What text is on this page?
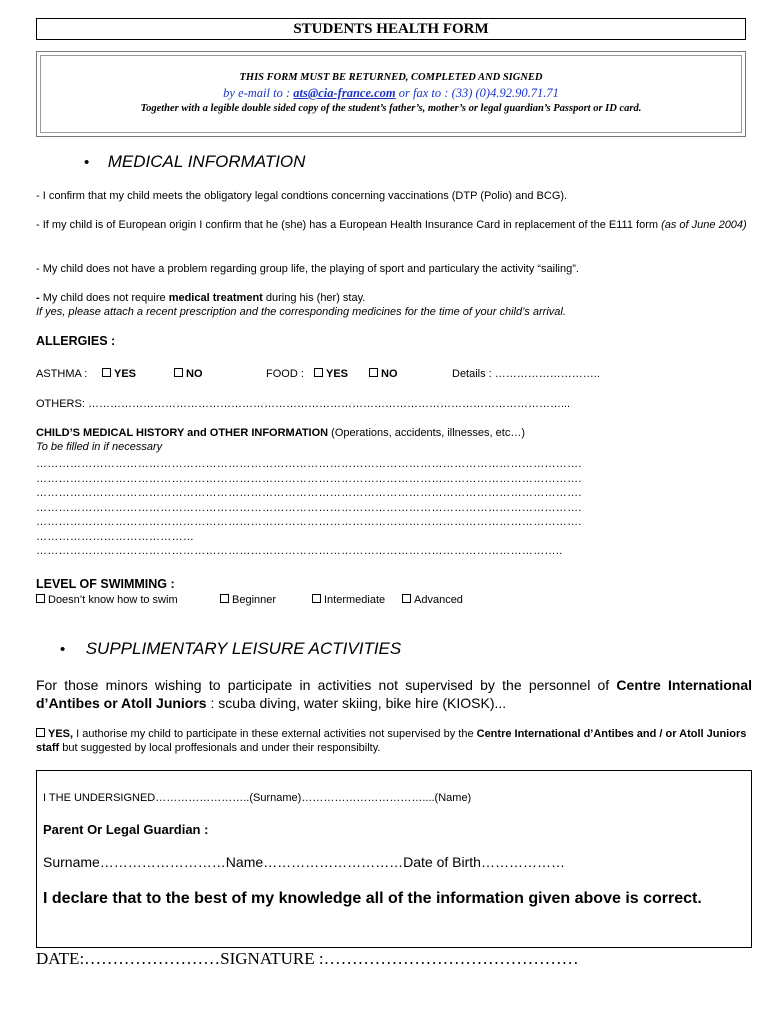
STUDENTS HEALTH FORM
THIS FORM MUST BE RETURNED, COMPLETED AND SIGNED
by e-mail to : ats@cia-france.com or fax to : (33) (0)4.92.90.71.71
Together with a legible double sided copy of the student’s father’s, mother’s or legal guardian’s Passport or ID card.
• MEDICAL INFORMATION
- I confirm that my child meets the obligatory legal condtions concerning vaccinations (DTP (Polio) and BCG).
- If my child is of European origin I confirm that he (she) has a European Health Insurance Card in replacement of the E111 form (as of June 2004)
- My child does not have a problem regarding group life, the playing of sport and particulary the activity “sailing”.
- My child does not require medical treatment during his (her) stay.
If yes, please attach a recent prescription and the corresponding medicines for the time of your child’s arrival.
ALLERGIES :
ASTHMA :	YES	NO	FOOD :	YES	NO	Details : ………………………..
OTHERS: …………………………………………………………………………………………………………………...
CHILD’S MEDICAL HISTORY and OTHER INFORMATION (Operations, accidents, illnesses, etc…)
To be filled in if necessary
……………………………………………………………………………………………………………………………….
……………………………………………………………………………………………………………………………….
……………………………………………………………………………………………………………………………….
……………………………………………………………………………………………………………………………….
……………………………………………………………………………………………………………………………….
……………………………………
…………………………………………………………………………………………………………………………..
LEVEL OF SWIMMING :
Doesn’t know how to swim	Beginner	Intermediate	Advanced
• SUPPLIMENTARY LEISURE ACTIVITIES
For those minors wishing to participate in activities not supervised by the personnel of Centre International d’Antibes or Atoll Juniors : scuba diving, water skiing, bike hire (KIOSK)...
YES, I authorise my child to participate in these external activities not supervised by the Centre International d’Antibes and / or Atoll Juniors staff but suggested by local proffesionals and under their responsibilty.
I THE UNDERSIGNED……………………..(Surname)……………………………....(Name)
Parent Or Legal Guardian :
Surname………………………Name…………………………Date of Birth………………
I declare that to the best of my knowledge all of the information given above is correct.
DATE:……………………SIGNATURE :………………………………………
